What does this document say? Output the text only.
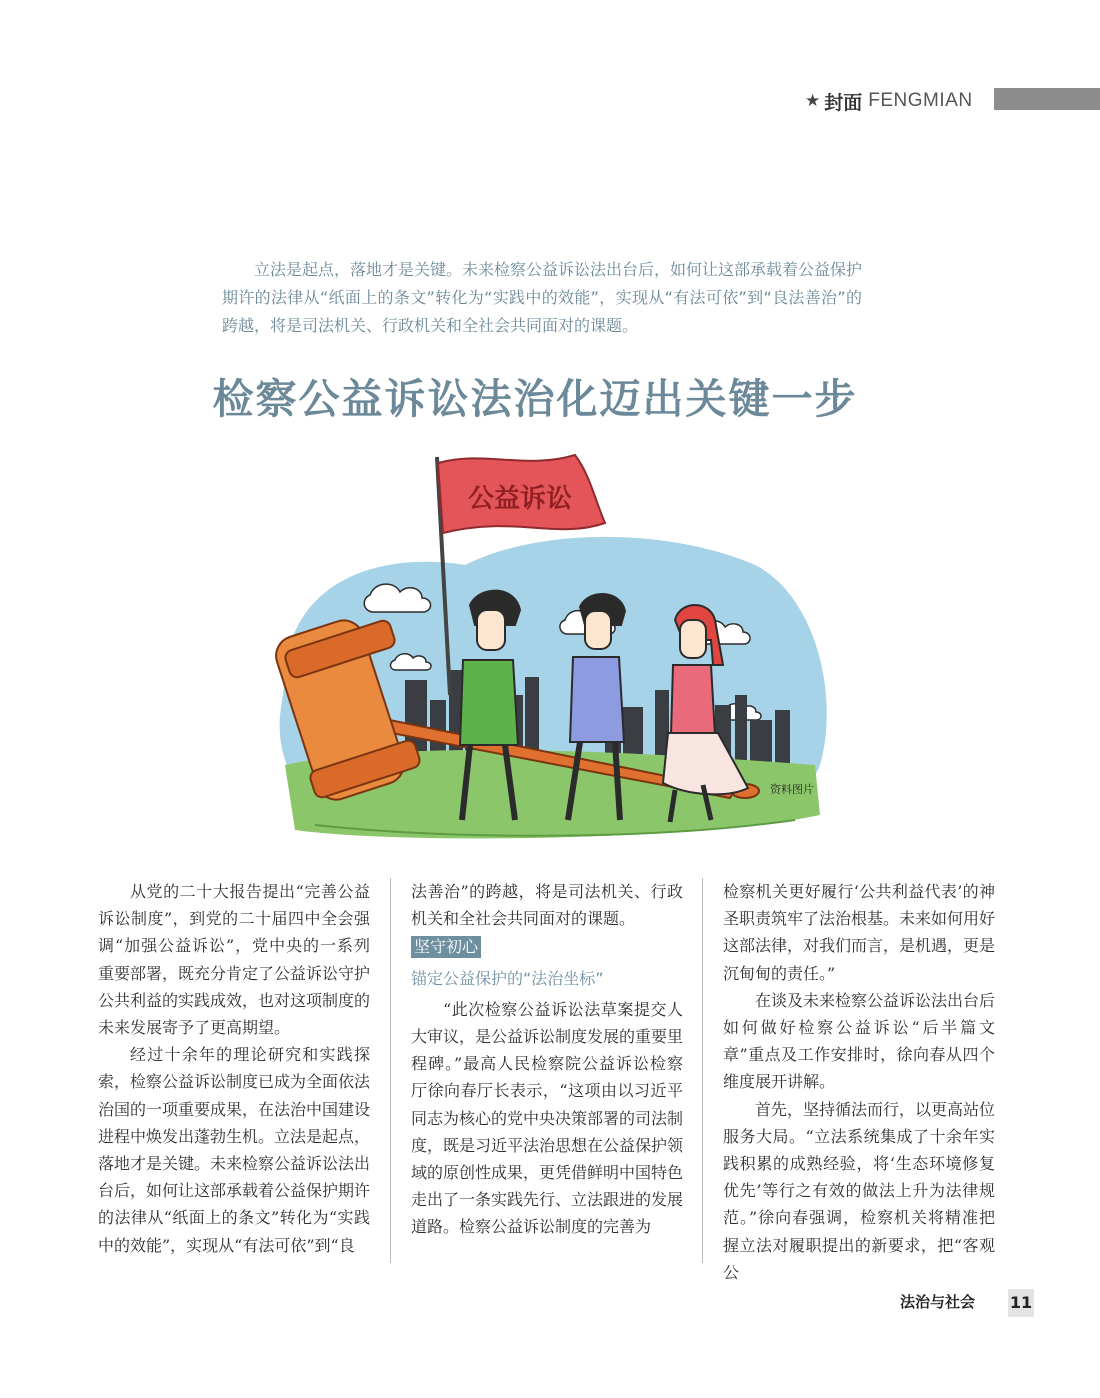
★ 封面 FENGMIAN

立法是起点，落地才是关键。未来检察公益诉讼法出台后，如何让这部承载着公益保护期许的法律从“纸面上的条文”转化为“实践中的效能”，实现从“有法可依”到“良法善治”的跨越，将是司法机关、行政机关和全社会共同面对的课题。

检察公益诉讼法治化迈出关键一步
公益诉讼
资料图片

从党的二十大报告提出“完善公益诉讼制度”，到党的二十届四中全会强调“加强公益诉讼”，党中央的一系列重要部署，既充分肯定了公益诉讼守护公共利益的实践成效，也对这项制度的未来发展寄予了更高期望。

经过十余年的理论研究和实践探索，检察公益诉讼制度已成为全面依法治国的一项重要成果，在法治中国建设进程中焕发出蓬勃生机。立法是起点，落地才是关键。未来检察公益诉讼法出台后，如何让这部承载着公益保护期许的法律从“纸面上的条文”转化为“实践中的效能”，实现从“有法可依”到“良

法善治”的跨越，将是司法机关、行政机关和全社会共同面对的课题。

坚守初心
锚定公益保护的“法治坐标”

“此次检察公益诉讼法草案提交人大审议，是公益诉讼制度发展的重要里程碑。”最高人民检察院公益诉讼检察厅徐向春厅长表示，“这项由以习近平同志为核心的党中央决策部署的司法制度，既是习近平法治思想在公益保护领域的原创性成果，更凭借鲜明中国特色走出了一条实践先行、立法跟进的发展道路。检察公益诉讼制度的完善为

检察机关更好履行‘公共利益代表’的神圣职责筑牢了法治根基。未来如何用好这部法律，对我们而言，是机遇，更是沉甸甸的责任。”

在谈及未来检察公益诉讼法出台后如何做好检察公益诉讼“后半篇文章”重点及工作安排时，徐向春从四个维度展开讲解。

首先，坚持循法而行，以更高站位服务大局。“立法系统集成了十余年实践积累的成熟经验，将‘生态环境修复优先’等行之有效的做法上升为法律规范。”徐向春强调，检察机关将精准把握立法对履职提出的新要求，把“客观公

法治与社会 11
